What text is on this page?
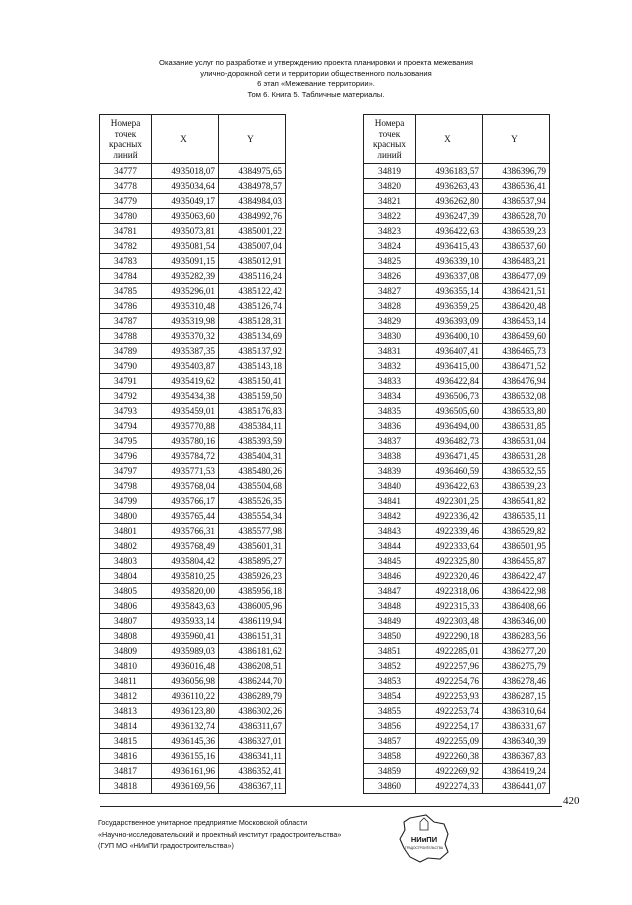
Оказание услуг по разработке и утверждению проекта планировки и проекта межевания
улично-дорожной сети и территории общественного пользования
6 этап «Межевание территории».
Том 6. Книга 5. Табличные материалы.
Номера
точек
красных
линий	X	Y
34777	4935018,07	4384975,65
34778	4935034,64	4384978,57
34779	4935049,17	4384984,03
34780	4935063,60	4384992,76
34781	4935073,81	4385001,22
34782	4935081,54	4385007,04
34783	4935091,15	4385012,91
34784	4935282,39	4385116,24
34785	4935296,01	4385122,42
34786	4935310,48	4385126,74
34787	4935319,98	4385128,31
34788	4935370,32	4385134,69
34789	4935387,35	4385137,92
34790	4935403,87	4385143,18
34791	4935419,62	4385150,41
34792	4935434,38	4385159,50
34793	4935459,01	4385176,83
34794	4935770,88	4385384,11
34795	4935780,16	4385393,59
34796	4935784,72	4385404,31
34797	4935771,53	4385480,26
34798	4935768,04	4385504,68
34799	4935766,17	4385526,35
34800	4935765,44	4385554,34
34801	4935766,31	4385577,98
34802	4935768,49	4385601,31
34803	4935804,42	4385895,27
34804	4935810,25	4385926,23
34805	4935820,00	4385956,18
34806	4935843,63	4386005,96
34807	4935933,14	4386119,94
34808	4935960,41	4386151,31
34809	4935989,03	4386181,62
34810	4936016,48	4386208,51
34811	4936056,98	4386244,70
34812	4936110,22	4386289,79
34813	4936123,80	4386302,26
34814	4936132,74	4386311,67
34815	4936145,36	4386327,01
34816	4936155,16	4386341,11
34817	4936161,96	4386352,41
34818	4936169,56	4386367,11
Номера
точек
красных
линий	X	Y
34819	4936183,57	4386396,79
34820	4936263,43	4386536,41
34821	4936262,80	4386537,94
34822	4936247,39	4386528,70
34823	4936422,63	4386539,23
34824	4936415,43	4386537,60
34825	4936339,10	4386483,21
34826	4936337,08	4386477,09
34827	4936355,14	4386421,51
34828	4936359,25	4386420,48
34829	4936393,09	4386453,14
34830	4936400,10	4386459,60
34831	4936407,41	4386465,73
34832	4936415,00	4386471,52
34833	4936422,84	4386476,94
34834	4936506,73	4386532,08
34835	4936505,60	4386533,80
34836	4936494,00	4386531,85
34837	4936482,73	4386531,04
34838	4936471,45	4386531,28
34839	4936460,59	4386532,55
34840	4936422,63	4386539,23
34841	4922301,25	4386541,82
34842	4922336,42	4386535,11
34843	4922339,46	4386529,82
34844	4922333,64	4386501,95
34845	4922325,80	4386455,87
34846	4922320,46	4386422,47
34847	4922318,06	4386422,98
34848	4922315,33	4386408,66
34849	4922303,48	4386346,00
34850	4922290,18	4386283,56
34851	4922285,01	4386277,20
34852	4922257,96	4386275,79
34853	4922254,76	4386278,46
34854	4922253,93	4386287,15
34855	4922253,74	4386310,64
34856	4922254,17	4386331,67
34857	4922255,09	4386340,39
34858	4922260,38	4386367,83
34859	4922269,92	4386419,24
34860	4922274,33	4386441,07
420
Государственное унитарное предприятие Московской области
«Научно-исследовательский и проектный институт градостроительства»
(ГУП МО «НИиПИ градостроительства»)
НИиПИ
ГРАДОСТРОИТЕЛЬСТВА
